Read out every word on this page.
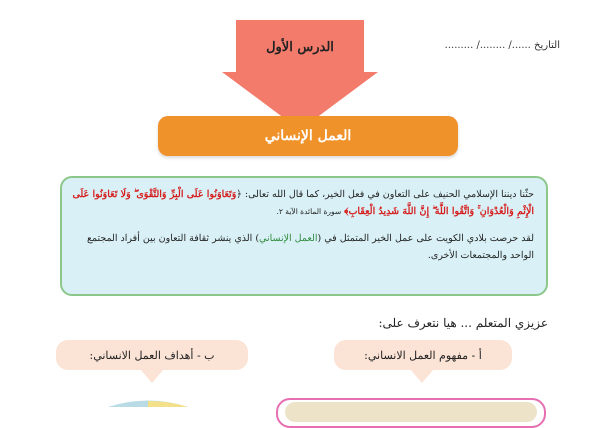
الدرس الأول	التاريخ ....../ ......../ .........
العمل الإنساني

حثّنا ديننا الإسلامي الحنيف على التعاون في فعل الخير، كما قال الله تعالى: ﴿وَتَعَاوَنُوا عَلَى الْبِرِّ وَالتَّقْوَى ۖ وَلَا تَعَاوَنُوا عَلَى الْإِثْمِ وَالْعُدْوَانِ ۚ وَاتَّقُوا اللَّهَ ۖ إِنَّ اللَّهَ شَدِيدُ الْعِقَابِ﴾ سورة المائدة الآية ٢.

لقد حرصت بلادي الكويت على عمل الخير المتمثل في (العمل الإنساني) الذي ينشر ثقافة التعاون بين أفراد المجتمع الواحد والمجتمعات الأخرى.

عزيزي المتعلم ... هيا نتعرف على:
أ - مفهوم العمل الانساني:
ب - أهداف العمل الانساني:
